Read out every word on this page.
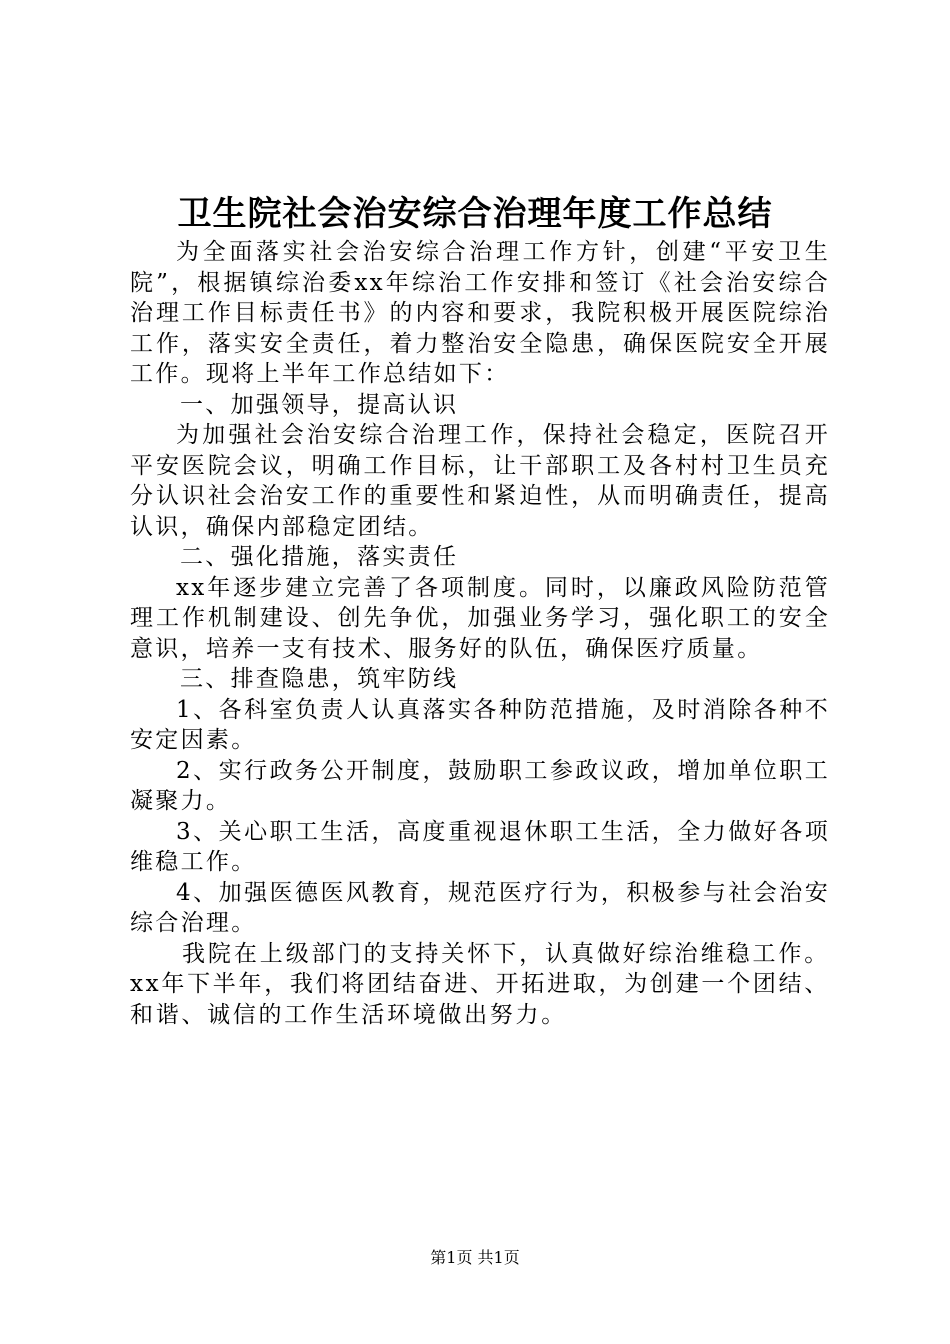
卫生院社会治安综合治理年度工作总结

为全面落实社会治安综合治理工作方针，创建“平安卫生院”，根据镇综治委xx年综治工作安排和签订《社会治安综合治理工作目标责任书》的内容和要求，我院积极开展医院综治工作，落实安全责任，着力整治安全隐患，确保医院安全开展工作。现将上半年工作总结如下：

一、加强领导，提高认识

为加强社会治安综合治理工作，保持社会稳定，医院召开平安医院会议，明确工作目标，让干部职工及各村村卫生员充分认识社会治安工作的重要性和紧迫性，从而明确责任，提高认识，确保内部稳定团结。

二、强化措施，落实责任

xx年逐步建立完善了各项制度。同时，以廉政风险防范管理工作机制建设、创先争优，加强业务学习，强化职工的安全意识，培养一支有技术、服务好的队伍，确保医疗质量。

三、排查隐患，筑牢防线

1、各科室负责人认真落实各种防范措施，及时消除各种不安定因素。

2、实行政务公开制度，鼓励职工参政议政，增加单位职工凝聚力。

3、关心职工生活，高度重视退休职工生活，全力做好各项维稳工作。

4、加强医德医风教育，规范医疗行为，积极参与社会治安综合治理。

我院在上级部门的支持关怀下，认真做好综治维稳工作。xx年下半年，我们将团结奋进、开拓进取，为创建一个团结、和谐、诚信的工作生活环境做出努力。

第1页 共1页
